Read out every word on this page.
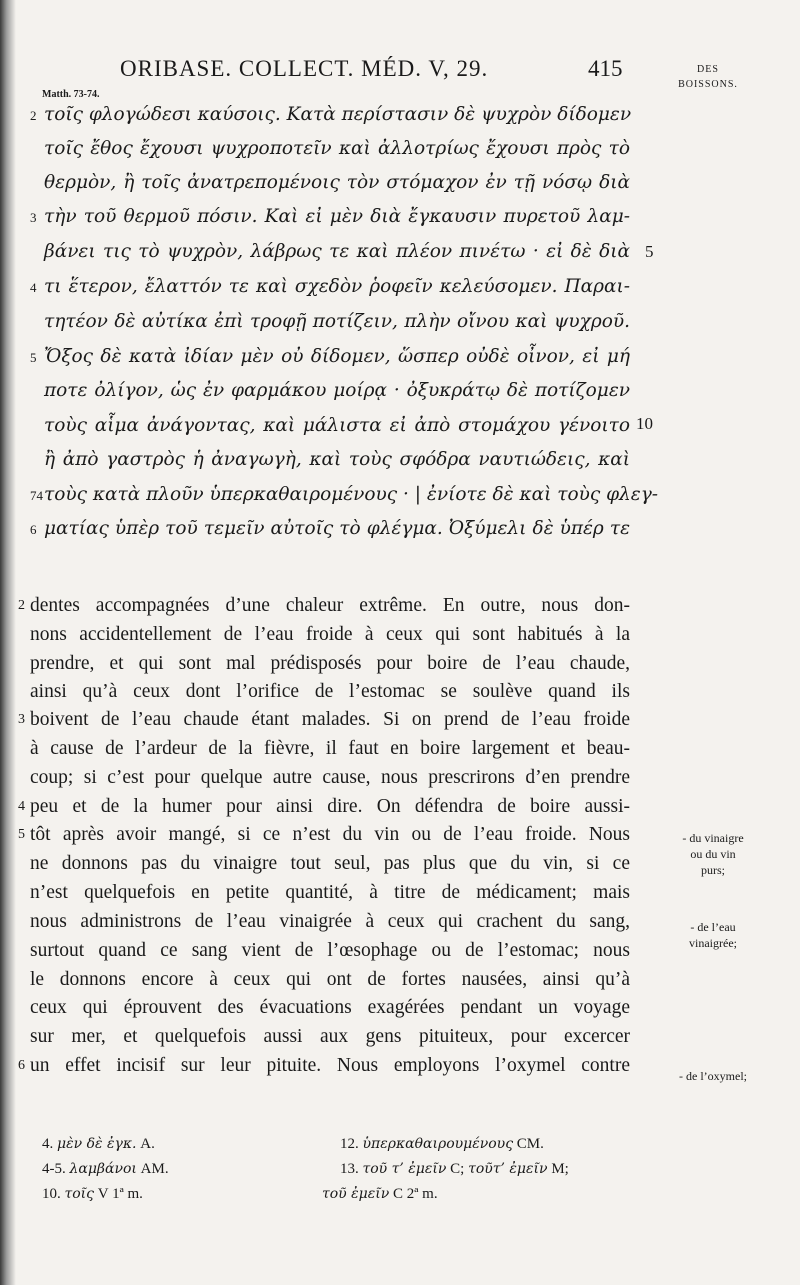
ORIBASE. COLLECT. MÉD. V, 29.	415	DES
BOISSONS.
Matth. 73-74.
2 τοῖς φλογώδεσι καύσοις. Κατὰ περίστασιν δὲ ψυχρὸν δίδομεν
τοῖς ἔθος ἔχουσι ψυχροποτεῖν καὶ ἀλλοτρίως ἔχουσι πρὸς τὸ
θερμὸν, ἢ τοῖς ἀνατρεπομένοις τὸν στόμαχον ἐν τῇ νόσῳ διὰ
3 τὴν τοῦ θερμοῦ πόσιν. Καὶ εἰ μὲν διὰ ἔγκαυσιν πυρετοῦ λαμ-
βάνει τις τὸ ψυχρὸν, λάβρως τε καὶ πλέον πινέτω · εἰ δὲ διὰ
4 τι ἕτερον, ἔλαττόν τε καὶ σχεδὸν ῥοφεῖν κελεύσομεν. Παραι-
τητέον δὲ αὐτίκα ἐπὶ τροφῇ ποτίζειν, πλὴν οἴνου καὶ ψυχροῦ.
5 Ὄξος δὲ κατὰ ἰδίαν μὲν οὐ δίδομεν, ὥσπερ οὐδὲ οἶνον, εἰ μή
ποτε ὀλίγον, ὡς ἐν φαρμάκου μοίρᾳ · ὀξυκράτῳ δὲ ποτίζομεν
τοὺς αἷμα ἀνάγοντας, καὶ μάλιστα εἰ ἀπὸ στομάχου γένοιτο
ἢ ἀπὸ γαστρὸς ἡ ἀναγωγὴ, καὶ τοὺς σφόδρα ναυτιώδεις, καὶ
74 τοὺς κατὰ πλοῦν ὑπερκαθαιρομένους · | ἐνίοτε δὲ καὶ τοὺς φλεγ-
6 ματίας ὑπὲρ τοῦ τεμεῖν αὐτοῖς τὸ φλέγμα. Ὀξύμελι δὲ ὑπέρ τε
5
10
2 dentes accompagnées d’une chaleur extrême. En outre, nous don-
nons accidentellement de l’eau froide à ceux qui sont habitués à la
prendre, et qui sont mal prédisposés pour boire de l’eau chaude,
ainsi qu’à ceux dont l’orifice de l’estomac se soulève quand ils
3 boivent de l’eau chaude étant malades. Si on prend de l’eau froide
à cause de l’ardeur de la fièvre, il faut en boire largement et beau-
coup; si c’est pour quelque autre cause, nous prescrirons d’en prendre
4 peu et de la humer pour ainsi dire. On défendra de boire aussi-
5 tôt après avoir mangé, si ce n’est du vin ou de l’eau froide. Nous
ne donnons pas du vinaigre tout seul, pas plus que du vin, si ce
n’est quelquefois en petite quantité, à titre de médicament; mais
nous administrons de l’eau vinaigrée à ceux qui crachent du sang,
surtout quand ce sang vient de l’œsophage ou de l’estomac; nous
le donnons encore à ceux qui ont de fortes nausées, ainsi qu’à
ceux qui éprouvent des évacuations exagérées pendant un voyage
sur mer, et quelquefois aussi aux gens pituiteux, pour excercer
6 un effet incisif sur leur pituite. Nous employons l’oxymel contre
- du vinaigre
ou du vin
purs;
- de l’eau
vinaigrée;
- de l’oxymel;
4. μὲν δὲ ἐγκ. A.
4-5. λαμβάνοι AM.
10. τοῖς V 1ª m.
12. ὑπερκαθαιρουμένους CM.
13. τοῦ τ’ ἐμεῖν C; τοῦτ’ ἐμεῖν M;
τοῦ ἐμεῖν C 2ª m.
